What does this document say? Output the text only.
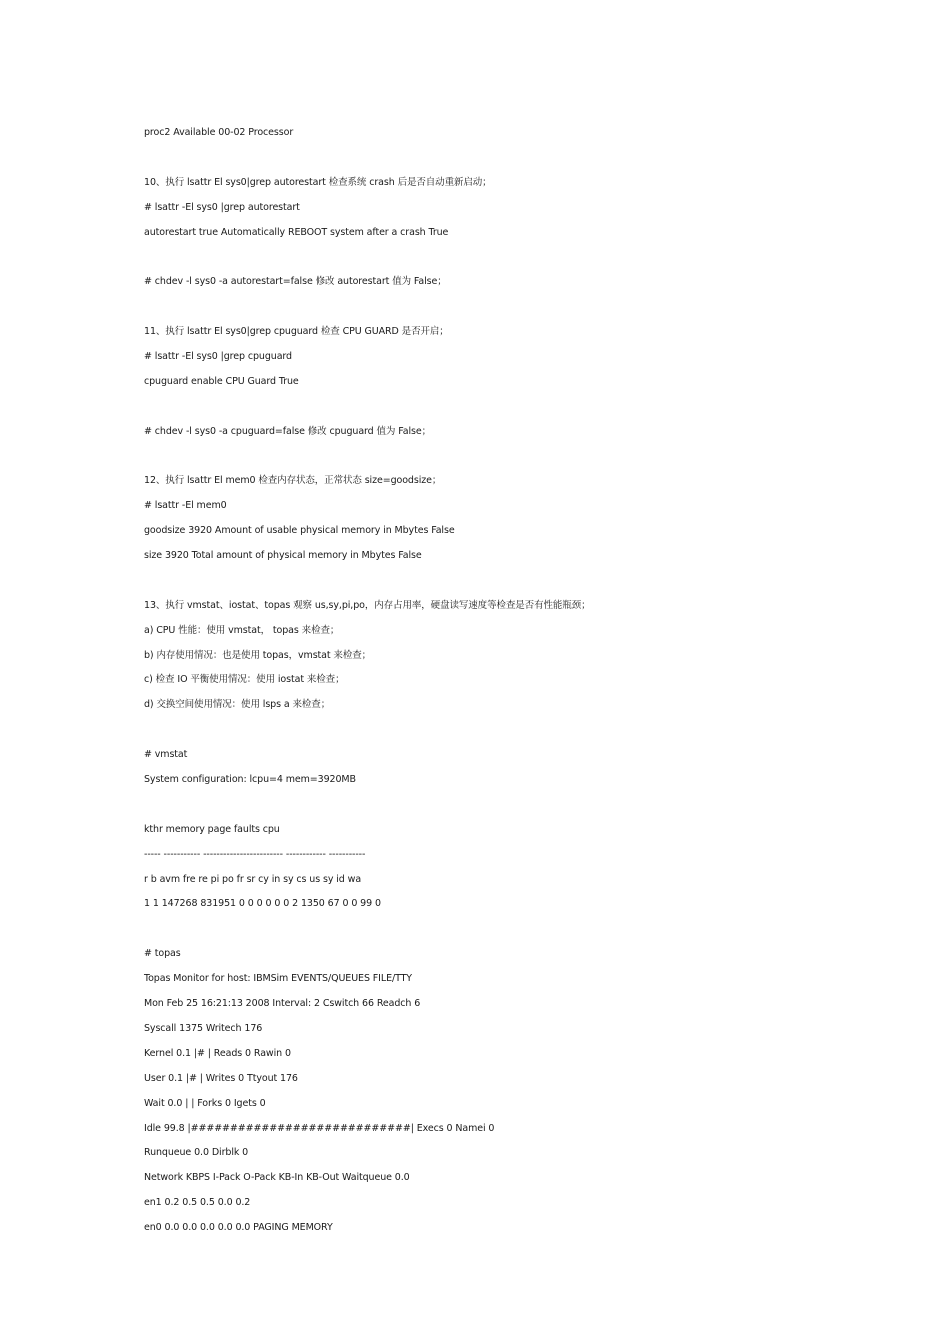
proc2 Available 00-02 Processor
10、执行 lsattr El sys0|grep autorestart 检查系统 crash 后是否自动重新启动；
# lsattr -El sys0 |grep autorestart
autorestart true Automatically REBOOT system after a crash True
# chdev -l sys0 -a autorestart=false 修改 autorestart 值为 False；
11、执行 lsattr El sys0|grep cpuguard 检查 CPU GUARD 是否开启；
# lsattr -El sys0 |grep cpuguard
cpuguard enable CPU Guard True
# chdev -l sys0 -a cpuguard=false 修改 cpuguard 值为 False；
12、执行 lsattr El mem0 检查内存状态，正常状态 size=goodsize；
# lsattr -El mem0
goodsize 3920 Amount of usable physical memory in Mbytes False
size 3920 Total amount of physical memory in Mbytes False
13、执行 vmstat、iostat、topas 观察 us,sy,pi,po，内存占用率，硬盘读写速度等检查是否有性能瓶颈；
a) CPU 性能：使用 vmstat， topas 来检查；
b) 内存使用情况：也是使用 topas，vmstat 来检查；
c) 检查 IO 平衡使用情况：使用 iostat 来检查；
d) 交换空间使用情况：使用 lsps a 来检查；
# vmstat
System configuration: lcpu=4 mem=3920MB
kthr memory page faults cpu
----- ----------- ------------------------ ------------ -----------
r b avm fre re pi po fr sr cy in sy cs us sy id wa
1 1 147268 831951 0 0 0 0 0 0 2 1350 67 0 0 99 0
# topas
Topas Monitor for host: IBMSim EVENTS/QUEUES FILE/TTY
Mon Feb 25 16:21:13 2008 Interval: 2 Cswitch 66 Readch 6
Syscall 1375 Writech 176
Kernel 0.1 |# | Reads 0 Rawin 0
User 0.1 |# | Writes 0 Ttyout 176
Wait 0.0 | | Forks 0 Igets 0
Idle 99.8 |############################| Execs 0 Namei 0
Runqueue 0.0 Dirblk 0
Network KBPS I-Pack O-Pack KB-In KB-Out Waitqueue 0.0
en1 0.2 0.5 0.5 0.0 0.2
en0 0.0 0.0 0.0 0.0 0.0 PAGING MEMORY
